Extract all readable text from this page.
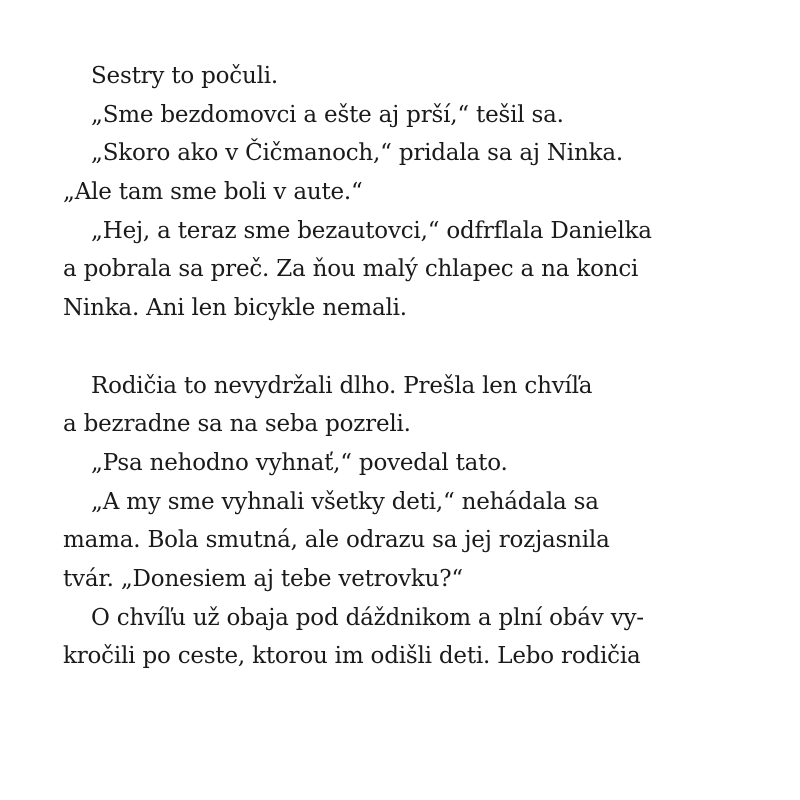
Sestry to počuli.
„Sme bezdomovci a ešte aj prší,“ tešil sa.
„Skoro ako v Čičmanoch,“ pridala sa aj Ninka.
„Ale tam sme boli v aute.“
„Hej, a teraz sme bezautovci,“ odfrflala Danielka
a pobrala sa preč. Za ňou malý chlapec a na konci
Ninka. Ani len bicykle nemali.
Rodičia to nevydržali dlho. Prešla len chvíľa
a bezradne sa na seba pozreli.
„Psa nehodno vyhnať,“ povedal tato.
„A my sme vyhnali všetky deti,“ nehádala sa
mama. Bola smutná, ale odrazu sa jej rozjasnila
tvár. „Donesiem aj tebe vetrovku?“
O chvíľu už obaja pod dáždnikom a plní obáv vy-
kročili po ceste, ktorou im odišli deti. Lebo rodičia
